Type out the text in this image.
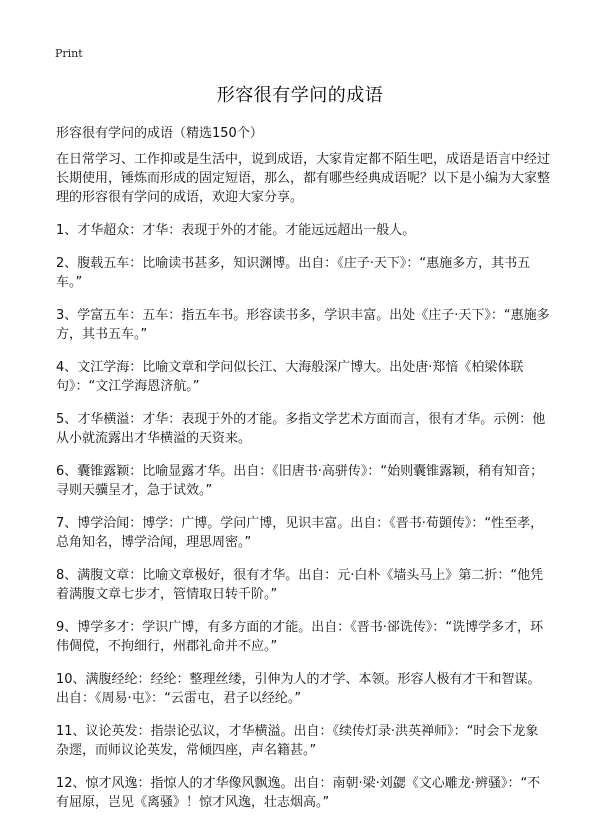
Print
形容很有学问的成语
形容很有学问的成语（精选150个）

在日常学习、工作抑或是生活中，说到成语，大家肯定都不陌生吧，成语是语言中经过长期使用，锤炼而形成的固定短语，那么，都有哪些经典成语呢？以下是小编为大家整理的形容很有学问的成语，欢迎大家分享。

1、才华超众：才华：表现于外的才能。才能远远超出一般人。

2、腹载五车：比喻读书甚多，知识渊博。出自：《庄子·天下》：“惠施多方，其书五车。”

3、学富五车：五车：指五车书。形容读书多，学识丰富。出处《庄子·天下》：“惠施多方，其书五车。”

4、文江学海：比喻文章和学问似长江、大海般深广博大。出处唐·郑愔《柏梁体联句》：“文江学海恩济航。”

5、才华横溢：才华：表现于外的才能。多指文学艺术方面而言，很有才华。示例：他从小就流露出才华横溢的天资来。

6、囊锥露颖：比喻显露才华。出自：《旧唐书·高骈传》：“始则囊锥露颖，稍有知音；寻则天骥呈才，急于试效。”

7、博学洽闻：博学：广博。学问广博，见识丰富。出自：《晋书·荀顗传》：“性至孝，总角知名，博学洽闻，理思周密。”

8、满腹文章：比喻文章极好，很有才华。出自：元·白朴《墙头马上》第二折：“他凭着满腹文章七步才，管情取日转千阶。”

9、博学多才：学识广博，有多方面的才能。出自：《晋书·郤诜传》：“诜博学多才，环伟倜傥，不拘细行，州郡礼命并不应。”

10、满腹经纶：经纶：整理丝缕，引伸为人的才学、本领。形容人极有才干和智谋。出自：《周易·屯》：“云雷屯，君子以经纶。”

11、议论英发：指崇论弘议，才华横溢。出自：《续传灯录·洪英禅师》：“时会下龙象杂遝，而师议论英发，常倾四座，声名籍甚。”

12、惊才风逸：指惊人的才华像风飘逸。出自：南朝·梁·刘勰《文心雕龙·辨骚》：“不有屈原，岂见《离骚》！惊才风逸，壮志烟高。”
